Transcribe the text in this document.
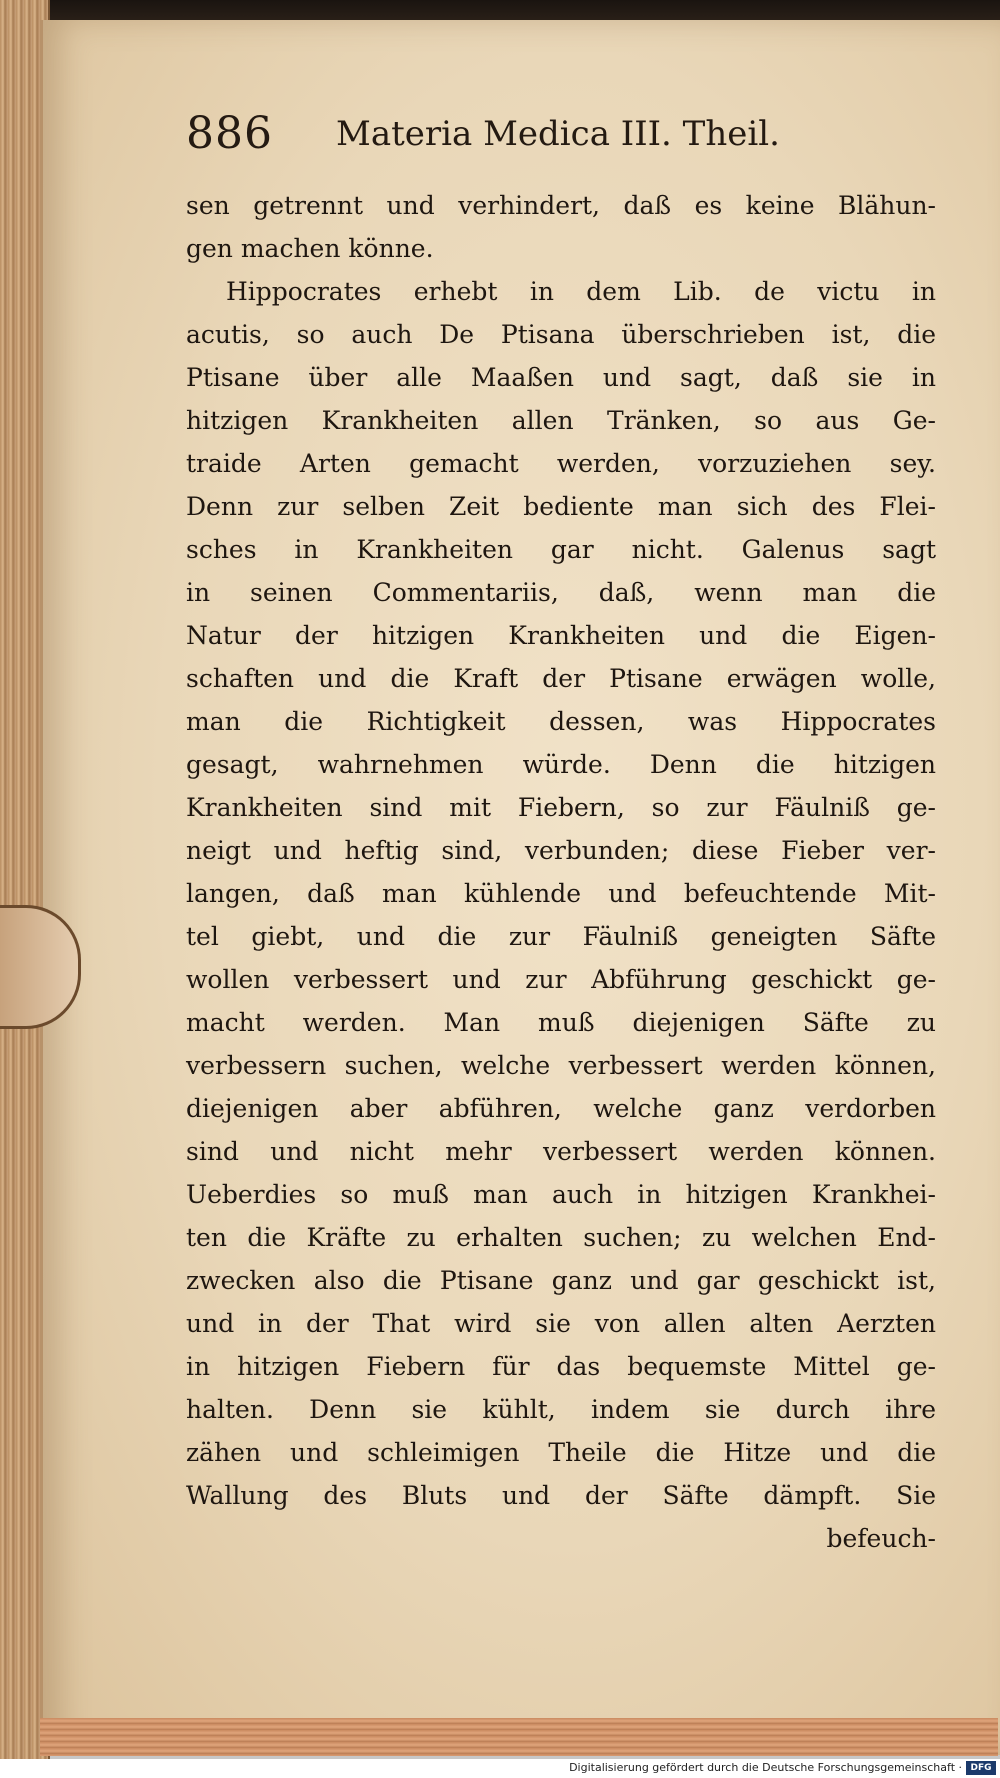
886 Materia Medica III. Theil.
sen getrennt und verhindert, daß es keine Blähun-
gen machen könne.
Hippocrates erhebt in dem Lib. de victu in
acutis, so auch De Ptisana überschrieben ist, die
Ptisane über alle Maaßen und sagt, daß sie in
hitzigen Krankheiten allen Tränken, so aus Ge-
traide Arten gemacht werden, vorzuziehen sey.
Denn zur selben Zeit bediente man sich des Flei-
sches in Krankheiten gar nicht. Galenus sagt
in seinen Commentariis, daß, wenn man die
Natur der hitzigen Krankheiten und die Eigen-
schaften und die Kraft der Ptisane erwägen wolle,
man die Richtigkeit dessen, was Hippocrates
gesagt, wahrnehmen würde. Denn die hitzigen
Krankheiten sind mit Fiebern, so zur Fäulniß ge-
neigt und heftig sind, verbunden; diese Fieber ver-
langen, daß man kühlende und befeuchtende Mit-
tel giebt, und die zur Fäulniß geneigten Säfte
wollen verbessert und zur Abführung geschickt ge-
macht werden. Man muß diejenigen Säfte zu
verbessern suchen, welche verbessert werden können,
diejenigen aber abführen, welche ganz verdorben
sind und nicht mehr verbessert werden können.
Ueberdies so muß man auch in hitzigen Krankhei-
ten die Kräfte zu erhalten suchen; zu welchen End-
zwecken also die Ptisane ganz und gar geschickt ist,
und in der That wird sie von allen alten Aerzten
in hitzigen Fiebern für das bequemste Mittel ge-
halten. Denn sie kühlt, indem sie durch ihre
zähen und schleimigen Theile die Hitze und die
Wallung des Bluts und der Säfte dämpft. Sie
befeuch-
Digitalisierung gefördert durch die Deutsche Forschungsgemeinschaft · DFG
